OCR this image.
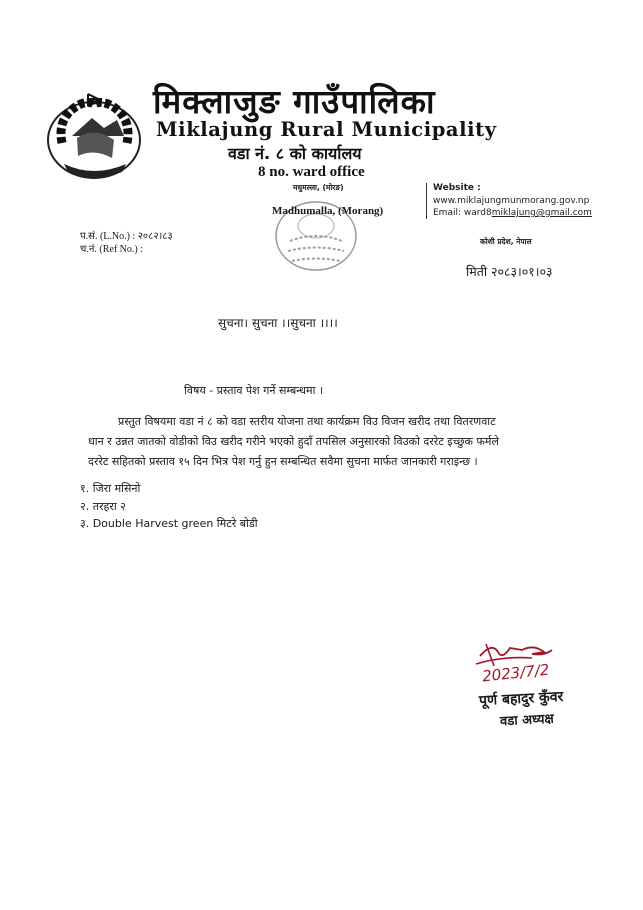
मिक्लाजुङ गाउँपालिका
Miklajung Rural Municipality
वडा नं. ८ को कार्यालय
8 no. ward office
मधुमल्ला, (मोरङ)
Madhumalla, (Morang)
Website :
www.miklajungmunmorang.gov.np
Email: ward8miklajung@gmail.com
कोशी प्रदेश, नेपाल
प.सं. (L.No.) : २०८२।८३
च.नं. (Ref No.) :
मिती २०८३।०१।०३
सुचना। सुचना ।।सुचना ।।।।
विषय - प्रस्ताव पेश गर्ने सम्बन्धमा ।
प्रस्तुत विषयमा वडा नं ८ को वडा स्तरीय योजना तथा कार्यक्रम विउ विजन खरीद तथा वितरणवाट
धान र उन्नत जातको वोडीको विउ खरीद गरीने भएको हुदाँ तपसिल अनुसारको विउको दररेट इच्छुक फर्मले
दररेट सहितको प्रस्ताव १५ दिन भित्र पेश गर्नु हुन सम्बन्धित सवैमा सुचना मार्फत जानकारी गराइन्छ ।
१. जिरा मसिनो
२. तरहरा २
३. Double Harvest green मिटरे बोडी
2023/7/2
पूर्ण बहादुर कुँवर
वडा अध्यक्ष
